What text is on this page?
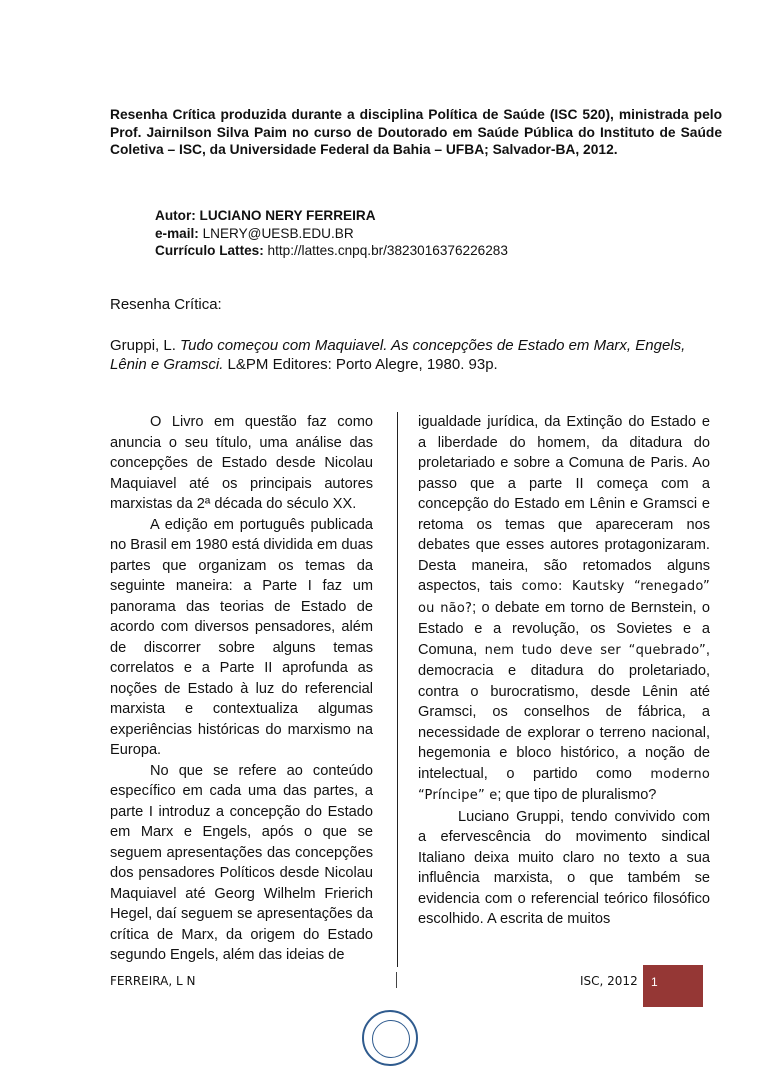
Resenha Crítica produzida durante a disciplina Política de Saúde (ISC 520), ministrada pelo Prof. Jairnilson Silva Paim no curso de Doutorado em Saúde Pública do Instituto de Saúde Coletiva – ISC, da Universidade Federal da Bahia – UFBA; Salvador-BA, 2012.
Autor: LUCIANO NERY FERREIRA
e-mail: LNERY@UESB.EDU.BR
Currículo Lattes: http://lattes.cnpq.br/3823016376226283
Resenha Crítica:
Gruppi, L. Tudo começou com Maquiavel. As concepções de Estado em Marx, Engels, Lênin e Gramsci. L&PM Editores: Porto Alegre, 1980. 93p.

O Livro em questão faz como anuncia o seu título, uma análise das concepções de Estado desde Nicolau Maquiavel até os principais autores marxistas da 2ª década do século XX.

A edição em português publicada no Brasil em 1980 está dividida em duas partes que organizam os temas da seguinte maneira: a Parte I faz um panorama das teorias de Estado de acordo com diversos pensadores, além de discorrer sobre alguns temas correlatos e a Parte II aprofunda as noções de Estado à luz do referencial marxista e contextualiza algumas experiências históricas do marxismo na Europa.

No que se refere ao conteúdo específico em cada uma das partes, a parte I introduz a concepção do Estado em Marx e Engels, após o que se seguem apresentações das concepções dos pensadores Políticos desde Nicolau Maquiavel até Georg Wilhelm Frierich Hegel, daí seguem se apresentações da crítica de Marx, da origem do Estado segundo Engels, além das ideias de

igualdade jurídica, da Extinção do Estado e a liberdade do homem, da ditadura do proletariado e sobre a Comuna de Paris. Ao passo que a parte II começa com a concepção do Estado em Lênin e Gramsci e retoma os temas que apareceram nos debates que esses autores protagonizaram. Desta maneira, são retomados alguns aspectos, tais como: Kautsky “renegado” ou não?; o debate em torno de Bernstein, o Estado e a revolução, os Sovietes e a Comuna, nem tudo deve ser “quebrado”, democracia e ditadura do proletariado, contra o burocratismo, desde Lênin até Gramsci, os conselhos de fábrica, a necessidade de explorar o terreno nacional, hegemonia e bloco histórico, a noção de intelectual, o partido como moderno “Príncipe” e; que tipo de pluralismo?

Luciano Gruppi, tendo convivido com a efervescência do movimento sindical Italiano deixa muito claro no texto a sua influência marxista, o que também se evidencia com o referencial teórico filosófico escolhido. A escrita de muitos

FERREIRA, L N	ISC, 2012 1
